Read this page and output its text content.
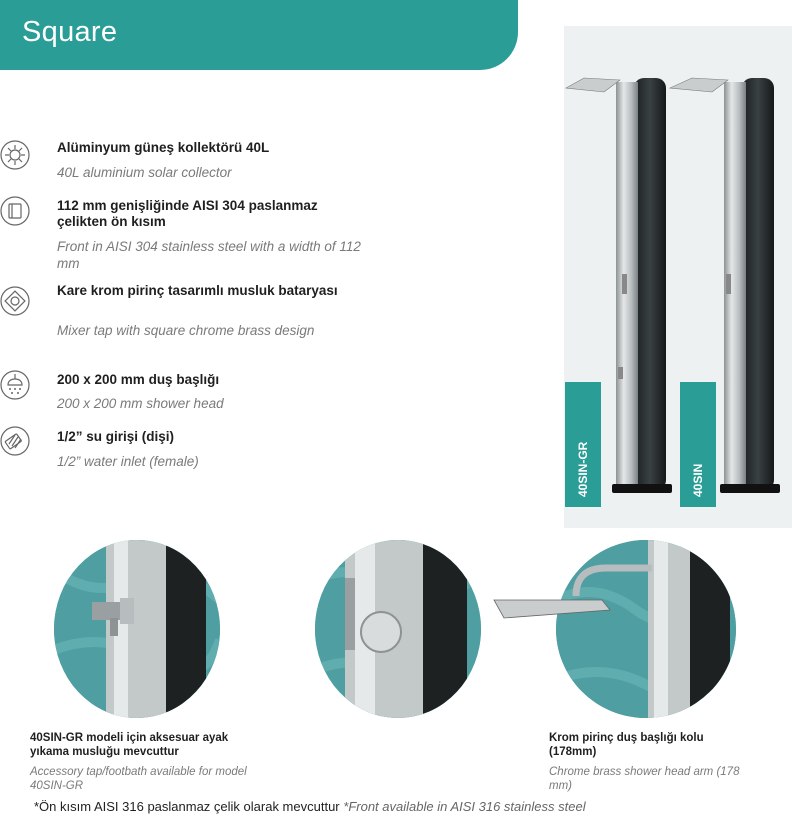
Square
Alüminyum güneş kollektörü 40L
40L aluminium solar collector
112 mm genişliğinde AISI 304 paslanmaz çelikten ön kısım
Front in AISI 304 stainless steel with a width of 112 mm
Kare krom pirinç tasarımlı musluk bataryası
Mixer tap with square chrome brass design
200 x 200 mm duş başlığı
200 x 200 mm shower head
1/2” su girişi (dişi)
1/2” water inlet (female)	40SIN-GR	40SIN
40SIN-GR modeli için aksesuar ayak yıkama musluğu mevcuttur
Accessory tap/footbath available for model 40SIN-GR
Krom pirinç duş başlığı kolu (178mm)
Chrome brass shower head arm (178 mm)
*Ön kısım AISI 316 paslanmaz çelik olarak mevcuttur *Front available in AISI 316 stainless steel
